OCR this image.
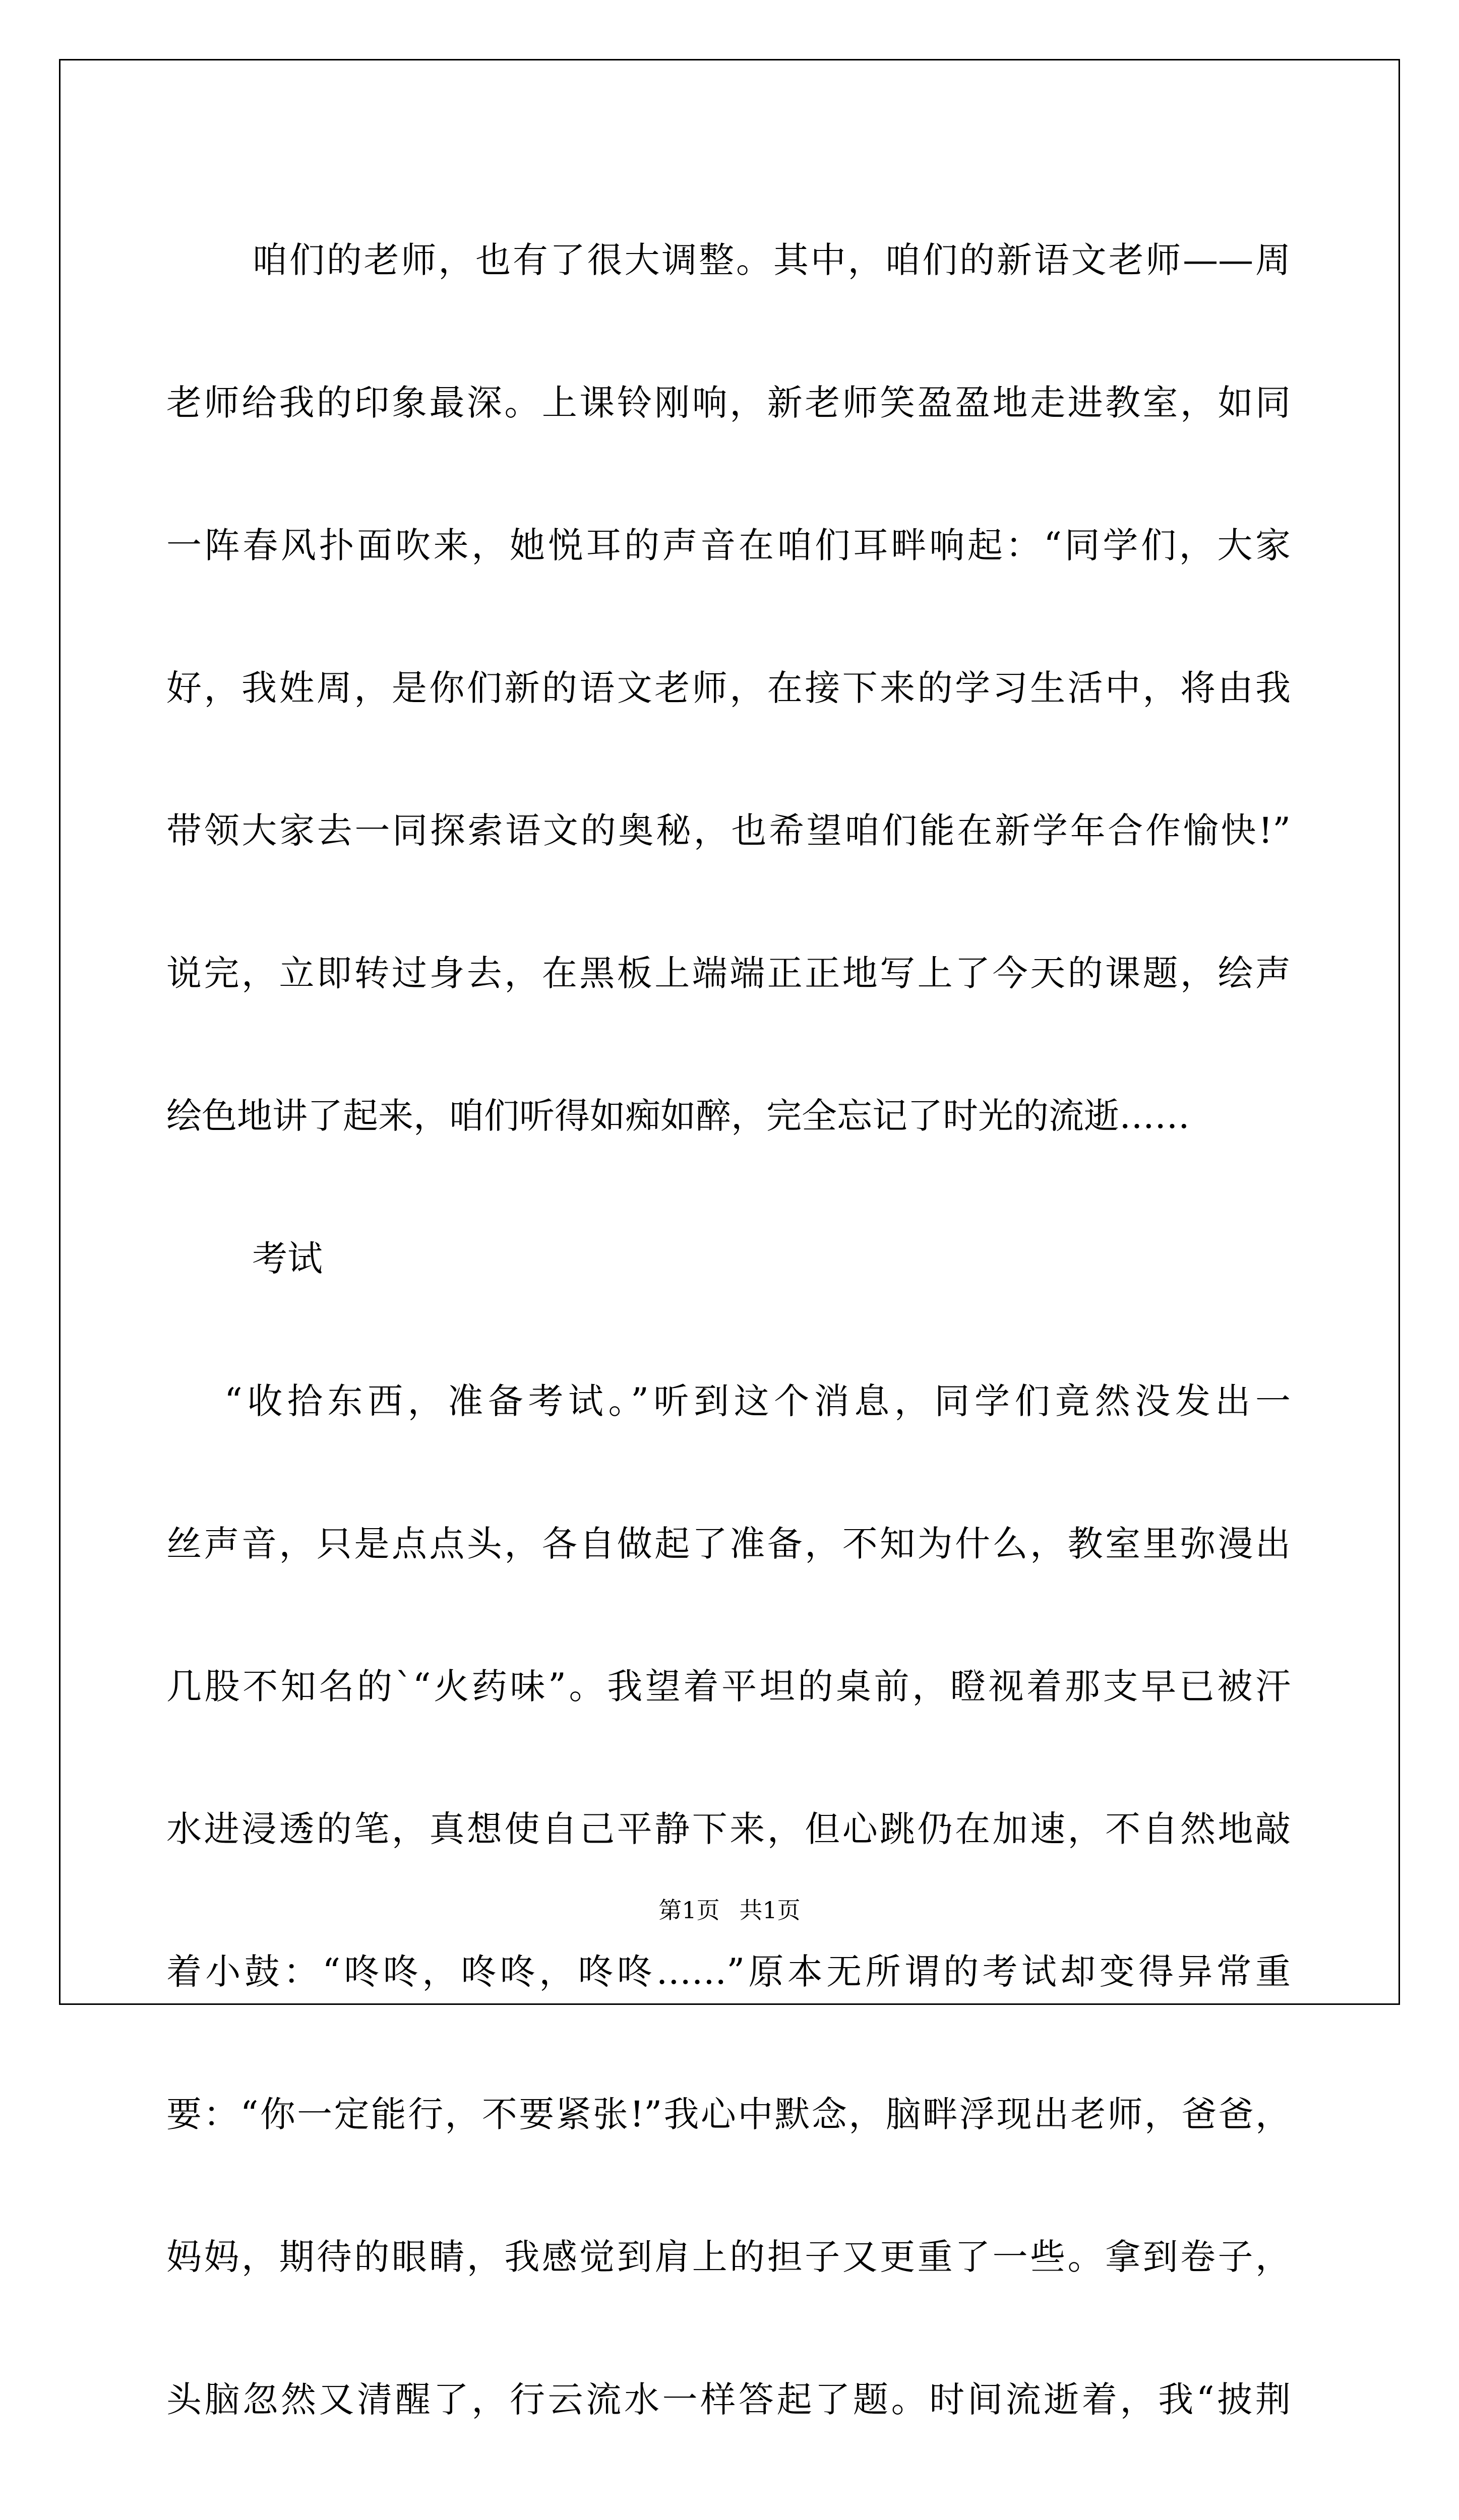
咱们的老师，也有了很大调整。其中，咱们的新语文老师——周
老师给我的印象最深。上课铃刚响，新老师笑盈盈地走进教室，如同
一阵春风扑面吹来，她悦耳的声音在咱们耳畔响起：“同学们，大家
好，我姓周，是你们新的语文老师，在接下来的学习生活中，将由我
带领大家去一同探索语文的奥秘，也希望咱们能在新学年合作愉快!”
说完，立即转过身去，在黑板上端端正正地写上了今天的课题，绘声
绘色地讲了起来，咱们听得如痴如醉，完全忘记了时光的流逝……
考试
“收拾东西，准备考试。”听到这个消息，同学们竟然没发出一
丝声音，只是点点头，各自做起了准备，不知为什么，教室里弥漫出
几股不知名的`“火药味”。我望着平坦的桌前，瞪视着那支早已被汗
水进浸透的笔，真想使自己平静下来，但心跳仍在加速，不自然地敲
着小鼓：“咚咚，咚咚，咚咚……”原本无所谓的考试却变得异常重
要：“你一定能行，不要紧张!”我心中默念，脑畔浮现出老师，爸爸，
妈妈，期待的眼睛，我感觉到肩上的担子又更重了一些。拿到卷子，
头脑忽然又清醒了，行云流水一样答起了题。时间流逝着，我“披荆
第1页 共1页
